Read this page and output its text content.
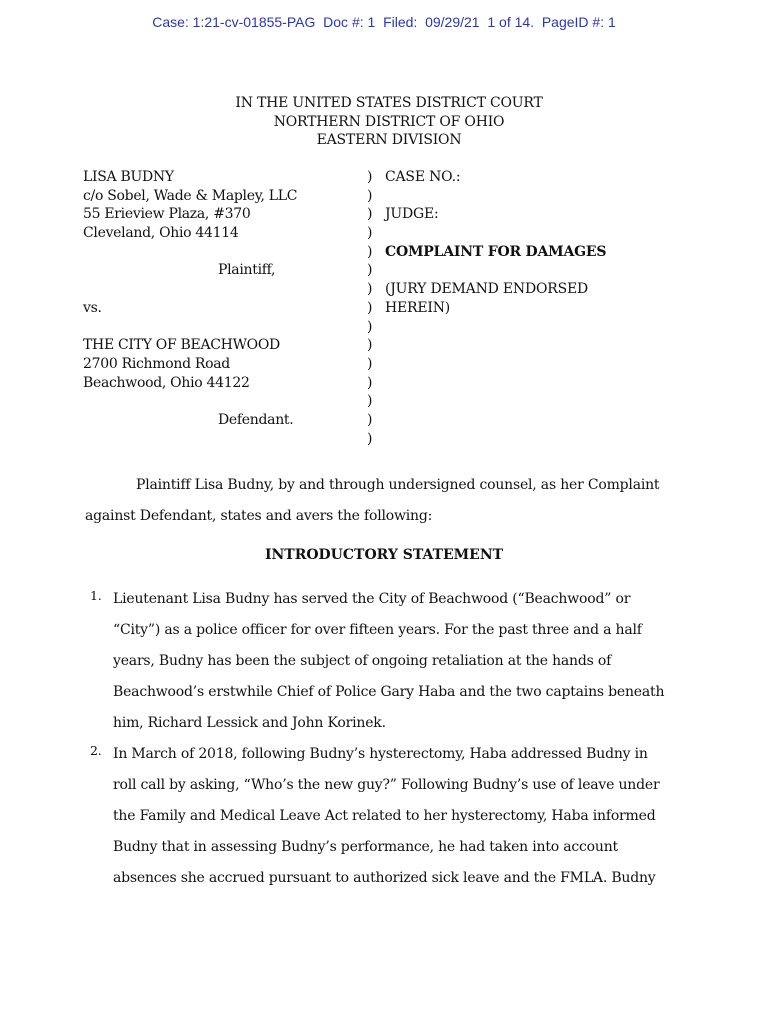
Case: 1:21-cv-01855-PAG  Doc #: 1  Filed:  09/29/21  1 of 14.  PageID #: 1
IN THE UNITED STATES DISTRICT COURT
NORTHERN DISTRICT OF OHIO
EASTERN DIVISION
LISA BUDNY
c/o Sobel, Wade & Mapley, LLC
55 Erieview Plaza, #370
Cleveland, Ohio 44114
Plaintiff,
vs.
THE CITY OF BEACHWOOD
2700 Richmond Road
Beachwood, Ohio 44122
Defendant.
)
)
)
)
)
)
)
)
)
)
)
)
)
)
)
CASE NO.:
JUDGE:
COMPLAINT FOR DAMAGES
(JURY DEMAND ENDORSED
HEREIN)
Plaintiff Lisa Budny, by and through undersigned counsel, as her Complaint
against Defendant, states and avers the following:
INTRODUCTORY STATEMENT
1. Lieutenant Lisa Budny has served the City of Beachwood (“Beachwood” or
“City”) as a police officer for over fifteen years. For the past three and a half
years, Budny has been the subject of ongoing retaliation at the hands of
Beachwood’s erstwhile Chief of Police Gary Haba and the two captains beneath
him, Richard Lessick and John Korinek.
2. In March of 2018, following Budny’s hysterectomy, Haba addressed Budny in
roll call by asking, “Who’s the new guy?” Following Budny’s use of leave under
the Family and Medical Leave Act related to her hysterectomy, Haba informed
Budny that in assessing Budny’s performance, he had taken into account
absences she accrued pursuant to authorized sick leave and the FMLA. Budny
